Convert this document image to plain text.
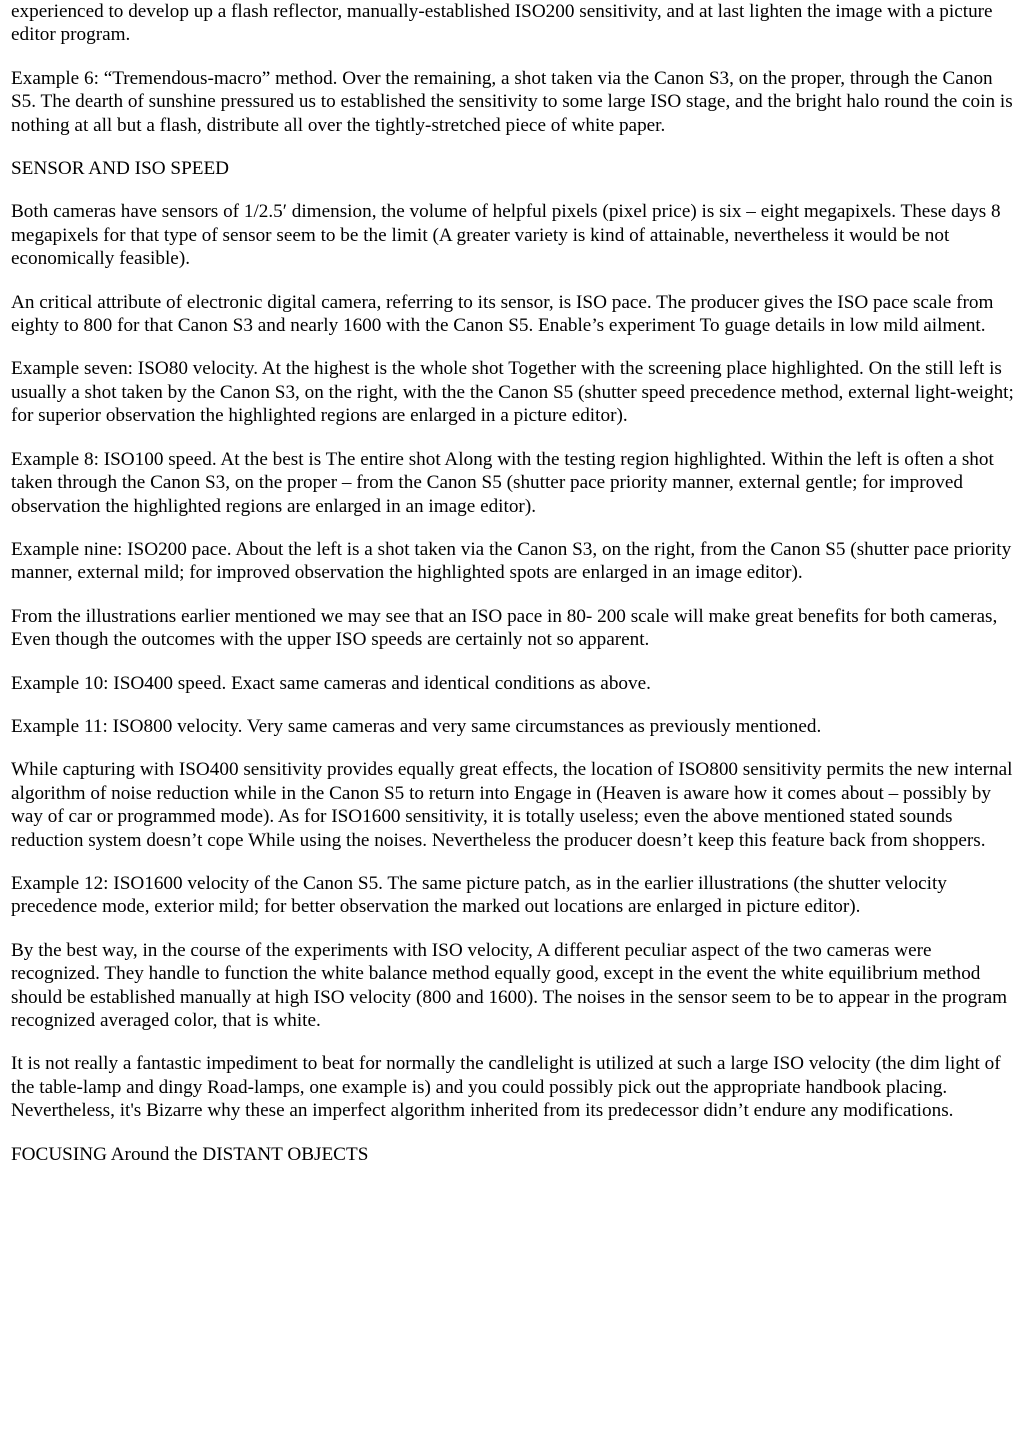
experienced to develop up a flash reflector, manually-established ISO200 sensitivity, and at last lighten the image with a picture editor program.

Example 6: “Tremendous-macro” method. Over the remaining, a shot taken via the Canon S3, on the proper, through the Canon S5. The dearth of sunshine pressured us to established the sensitivity to some large ISO stage, and the bright halo round the coin is nothing at all but a flash, distribute all over the tightly-stretched piece of white paper.

SENSOR AND ISO SPEED

Both cameras have sensors of 1/2.5′ dimension, the volume of helpful pixels (pixel price) is six – eight megapixels. These days 8 megapixels for that type of sensor seem to be the limit (A greater variety is kind of attainable, nevertheless it would be not economically feasible).

An critical attribute of electronic digital camera, referring to its sensor, is ISO pace. The producer gives the ISO pace scale from eighty to 800 for that Canon S3 and nearly 1600 with the Canon S5. Enable’s experiment To guage details in low mild ailment.

Example seven: ISO80 velocity. At the highest is the whole shot Together with the screening place highlighted. On the still left is usually a shot taken by the Canon S3, on the right, with the the Canon S5 (shutter speed precedence method, external light-weight; for superior observation the highlighted regions are enlarged in a picture editor).

Example 8: ISO100 speed. At the best is The entire shot Along with the testing region highlighted. Within the left is often a shot taken through the Canon S3, on the proper – from the Canon S5 (shutter pace priority manner, external gentle; for improved observation the highlighted regions are enlarged in an image editor).

Example nine: ISO200 pace. About the left is a shot taken via the Canon S3, on the right, from the Canon S5 (shutter pace priority manner, external mild; for improved observation the highlighted spots are enlarged in an image editor).

From the illustrations earlier mentioned we may see that an ISO pace in 80- 200 scale will make great benefits for both cameras, Even though the outcomes with the upper ISO speeds are certainly not so apparent.

Example 10: ISO400 speed. Exact same cameras and identical conditions as above.

Example 11: ISO800 velocity. Very same cameras and very same circumstances as previously mentioned.

While capturing with ISO400 sensitivity provides equally great effects, the location of ISO800 sensitivity permits the new internal algorithm of noise reduction while in the Canon S5 to return into Engage in (Heaven is aware how it comes about – possibly by way of car or programmed mode). As for ISO1600 sensitivity, it is totally useless; even the above mentioned stated sounds reduction system doesn’t cope While using the noises. Nevertheless the producer doesn’t keep this feature back from shoppers.

Example 12: ISO1600 velocity of the Canon S5. The same picture patch, as in the earlier illustrations (the shutter velocity precedence mode, exterior mild; for better observation the marked out locations are enlarged in picture editor).

By the best way, in the course of the experiments with ISO velocity, A different peculiar aspect of the two cameras were recognized. They handle to function the white balance method equally good, except in the event the white equilibrium method should be established manually at high ISO velocity (800 and 1600). The noises in the sensor seem to be to appear in the program recognized averaged color, that is white.

It is not really a fantastic impediment to beat for normally the candlelight is utilized at such a large ISO velocity (the dim light of the table-lamp and dingy Road-lamps, one example is) and you could possibly pick out the appropriate handbook placing. Nevertheless, it's Bizarre why these an imperfect algorithm inherited from its predecessor didn’t endure any modifications.

FOCUSING Around the DISTANT OBJECTS
